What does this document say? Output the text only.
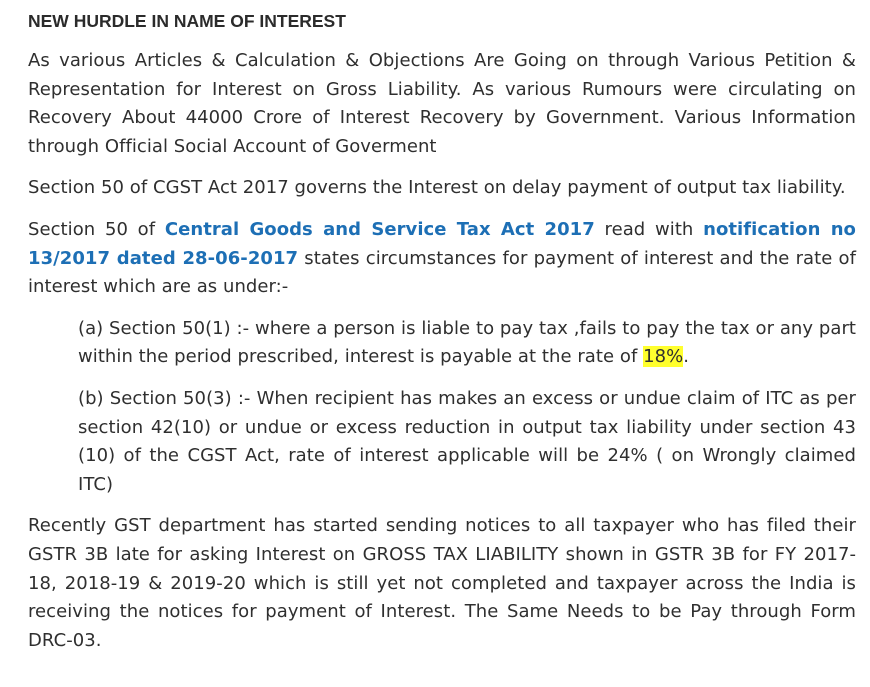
NEW HURDLE IN NAME OF INTEREST

As various Articles & Calculation & Objections Are Going on through Various Petition & Representation for Interest on Gross Liability. As various Rumours were circulating on Recovery About 44000 Crore of Interest Recovery by Government. Various Information through Official Social Account of Goverment

Section 50 of CGST Act 2017 governs the Interest on delay payment of output tax liability.

Section 50 of Central Goods and Service Tax Act 2017 read with notification no 13/2017 dated 28-06-2017 states circumstances for payment of interest and the rate of interest which are as under:-

(a) Section 50(1) :- where a person is liable to pay tax ,fails to pay the tax or any part within the period prescribed, interest is payable at the rate of 18%.

(b) Section 50(3) :- When recipient has makes an excess or undue claim of ITC as per section 42(10) or undue or excess reduction in output tax liability under section 43 (10) of the CGST Act, rate of interest applicable will be 24% ( on Wrongly claimed ITC)

Recently GST department has started sending notices to all taxpayer who has filed their GSTR 3B late for asking Interest on GROSS TAX LIABILITY shown in GSTR 3B for FY 2017-18, 2018-19 & 2019-20 which is still yet not completed and taxpayer across the India is receiving the notices for payment of Interest. The Same Needs to be Pay through Form DRC-03.
